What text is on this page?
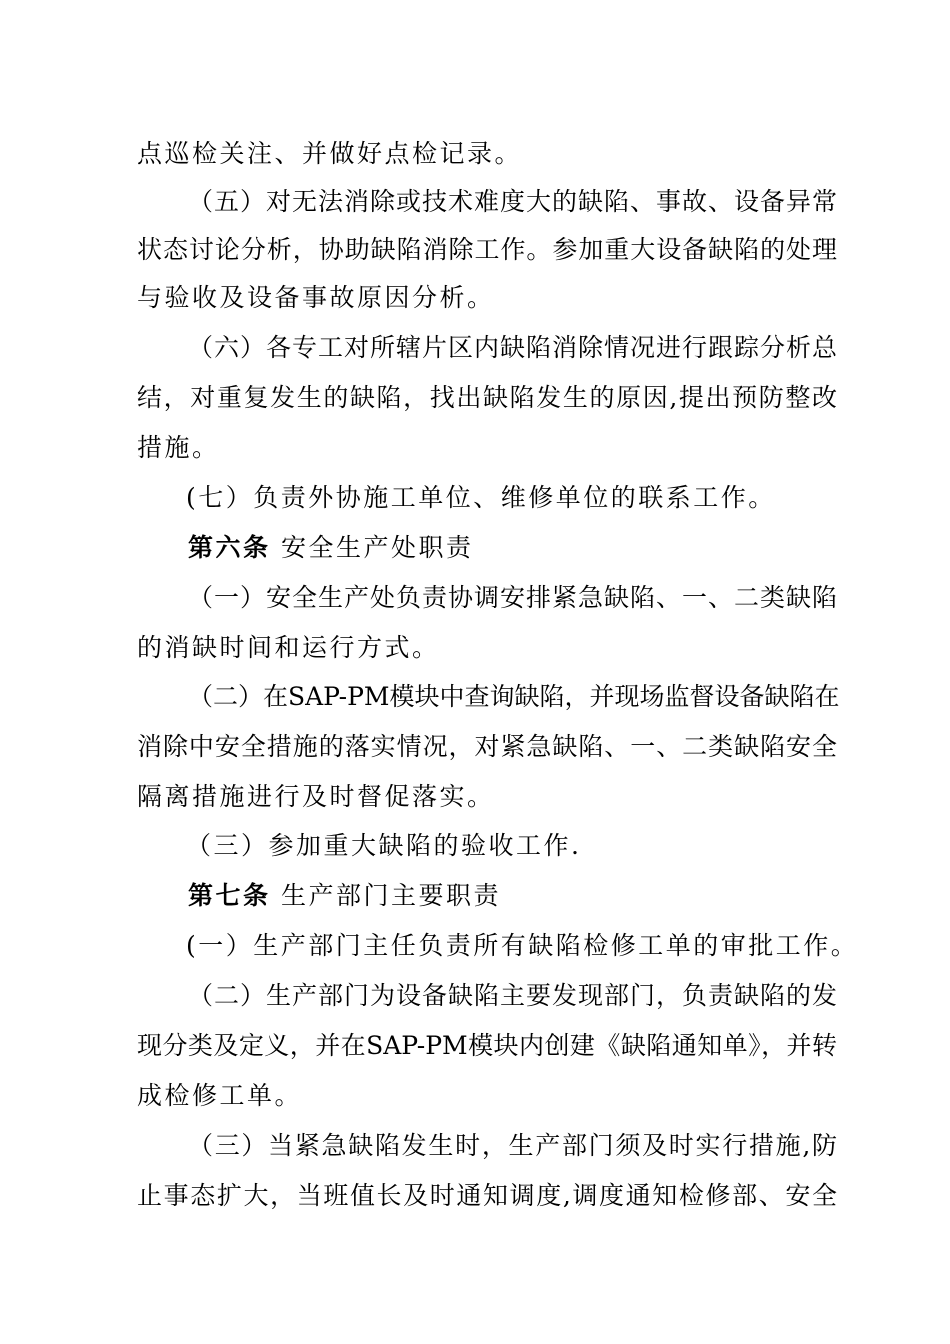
点巡检关注、并做好点检记录。
（五）对无法消除或技术难度大的缺陷、事故、设备异常
状态讨论分析，协助缺陷消除工作。参加重大设备缺陷的处理
与验收及设备事故原因分析。
（六）各专工对所辖片区内缺陷消除情况进行跟踪分析总
结，对重复发生的缺陷，找出缺陷发生的原因,提出预防整改
措施。
(七）负责外协施工单位、维修单位的联系工作。
第六条 安全生产处职责
（一）安全生产处负责协调安排紧急缺陷、一、二类缺陷
的消缺时间和运行方式。
（二）在SAP-PM模块中查询缺陷，并现场监督设备缺陷在
消除中安全措施的落实情况，对紧急缺陷、一、二类缺陷安全
隔离措施进行及时督促落实。
（三）参加重大缺陷的验收工作.
第七条 生产部门主要职责
(一）生产部门主任负责所有缺陷检修工单的审批工作。
（二）生产部门为设备缺陷主要发现部门，负责缺陷的发
现分类及定义，并在SAP-PM模块内创建《缺陷通知单》，并转
成检修工单。
（三）当紧急缺陷发生时，生产部门须及时实行措施,防
止事态扩大，当班值长及时通知调度,调度通知检修部、安全
